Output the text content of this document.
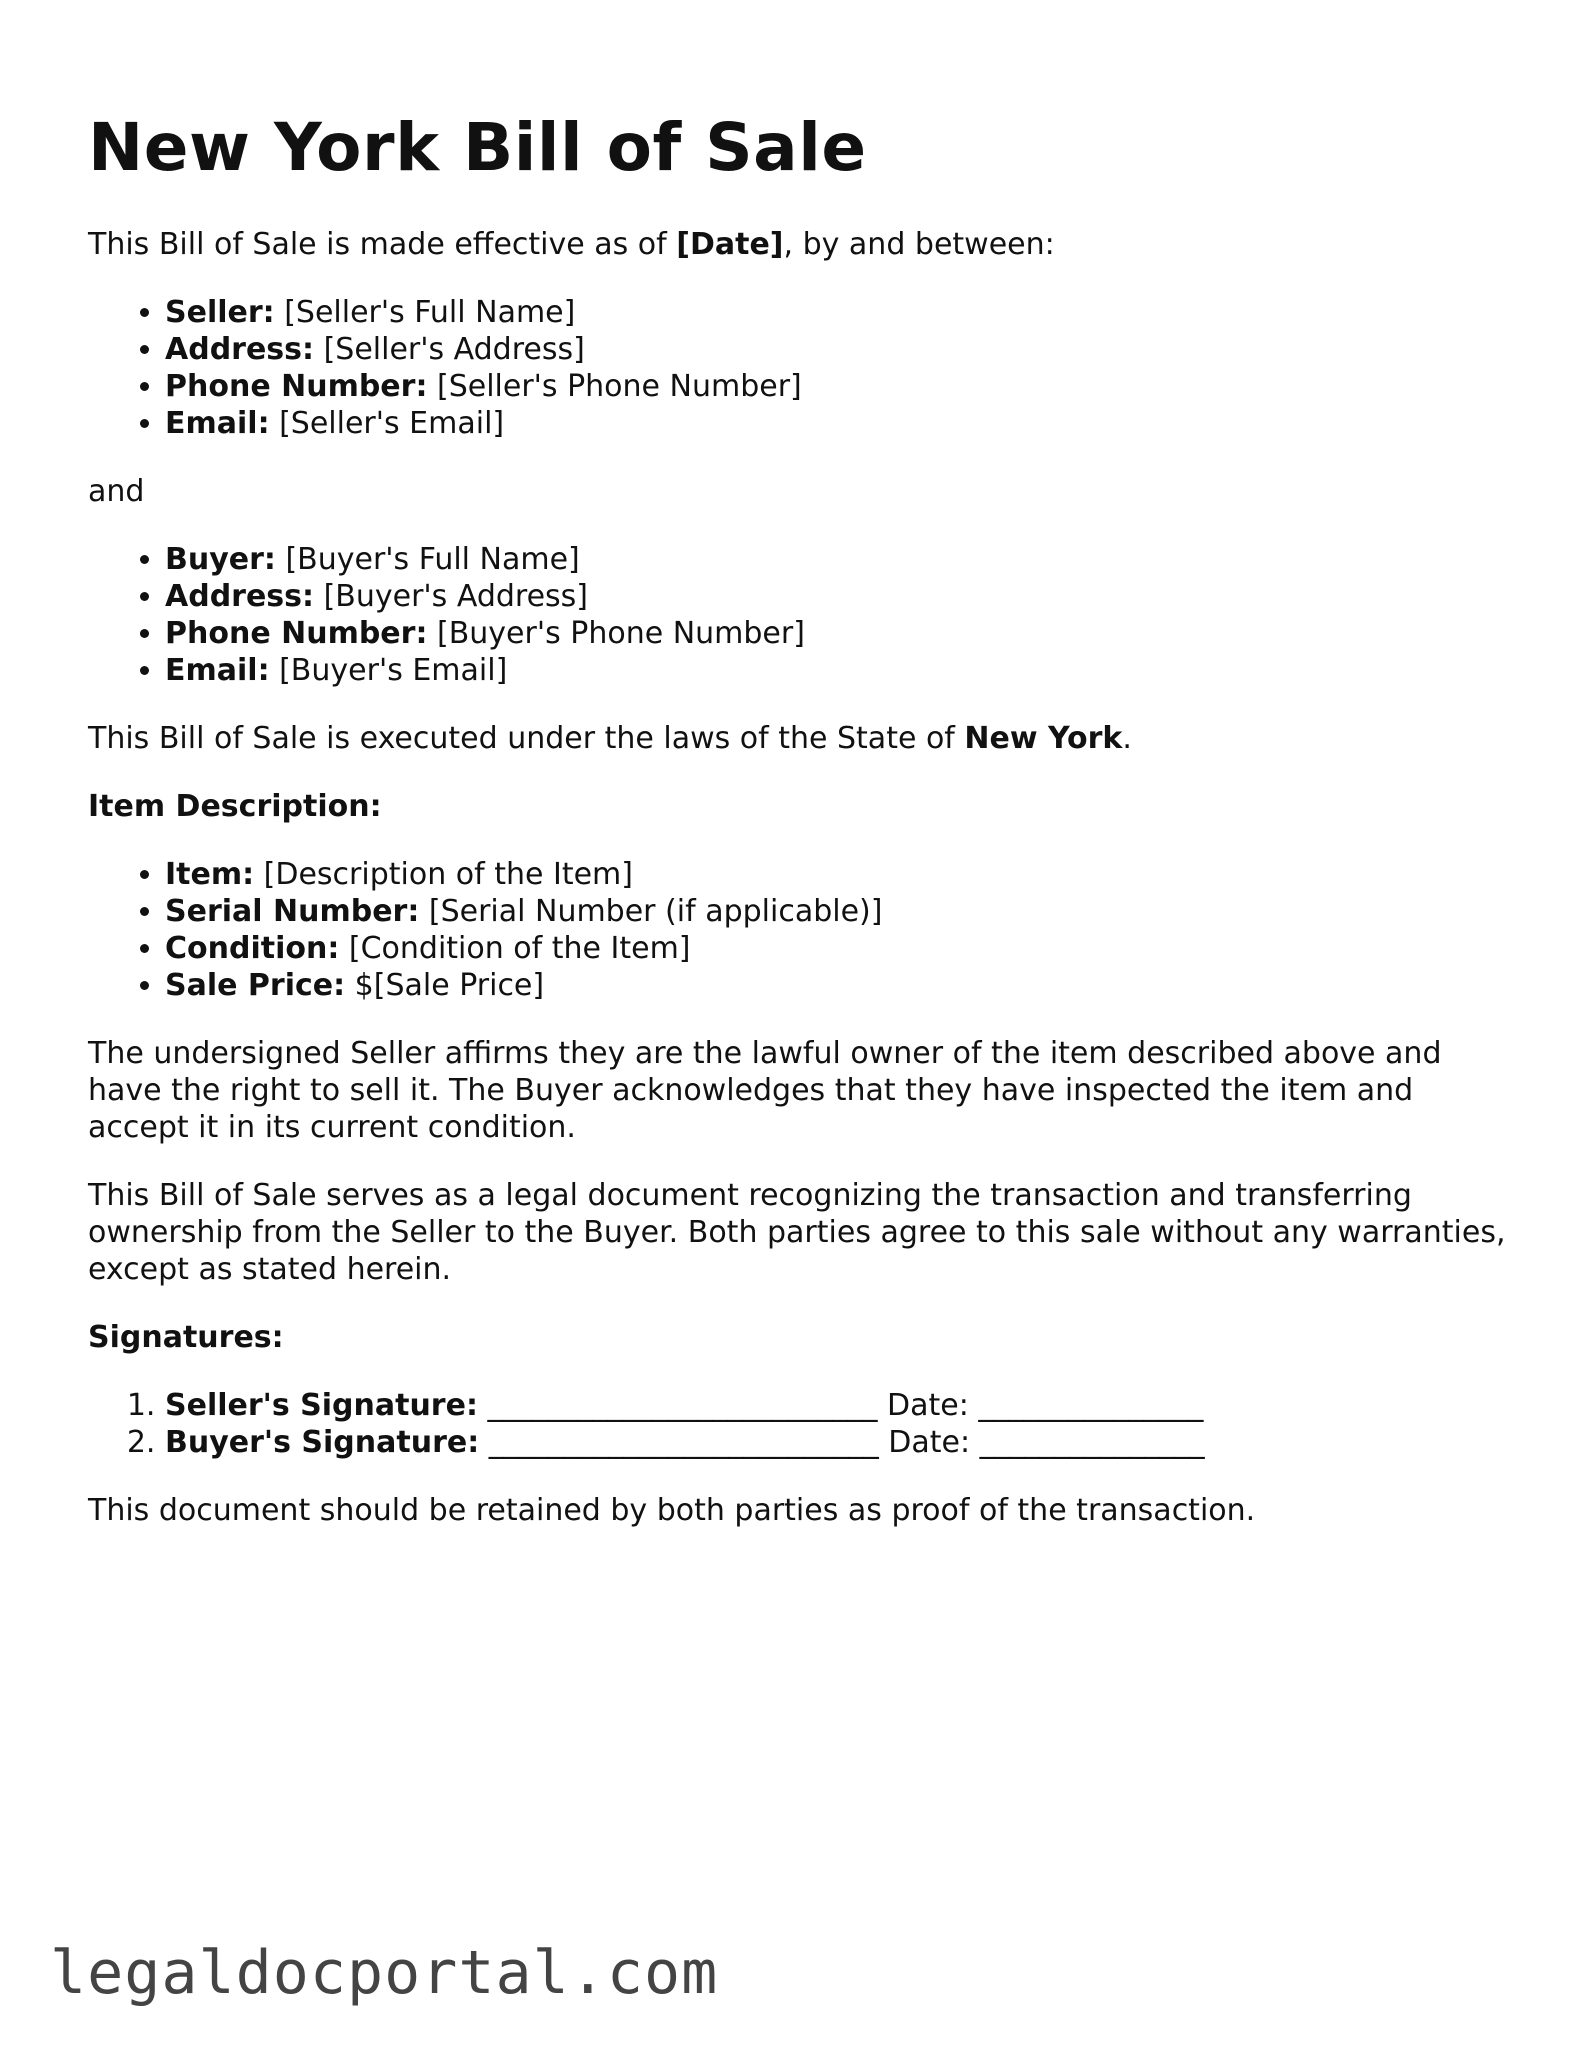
New York Bill of Sale

This Bill of Sale is made effective as of [Date], by and between:

• Seller: [Seller's Full Name]
• Address: [Seller's Address]
• Phone Number: [Seller's Phone Number]
• Email: [Seller's Email]

and

• Buyer: [Buyer's Full Name]
• Address: [Buyer's Address]
• Phone Number: [Buyer's Phone Number]
• Email: [Buyer's Email]

This Bill of Sale is executed under the laws of the State of New York.

Item Description:

• Item: [Description of the Item]
• Serial Number: [Serial Number (if applicable)]
• Condition: [Condition of the Item]
• Sale Price: $[Sale Price]

The undersigned Seller affirms they are the lawful owner of the item described above and have the right to sell it. The Buyer acknowledges that they have inspected the item and accept it in its current condition.

This Bill of Sale serves as a legal document recognizing the transaction and transferring ownership from the Seller to the Buyer. Both parties agree to this sale without any warranties, except as stated herein.

Signatures:

1. Seller's Signature: __________________________ Date: _______________
2. Buyer's Signature: __________________________ Date: _______________

This document should be retained by both parties as proof of the transaction.

legaldocportal.com
